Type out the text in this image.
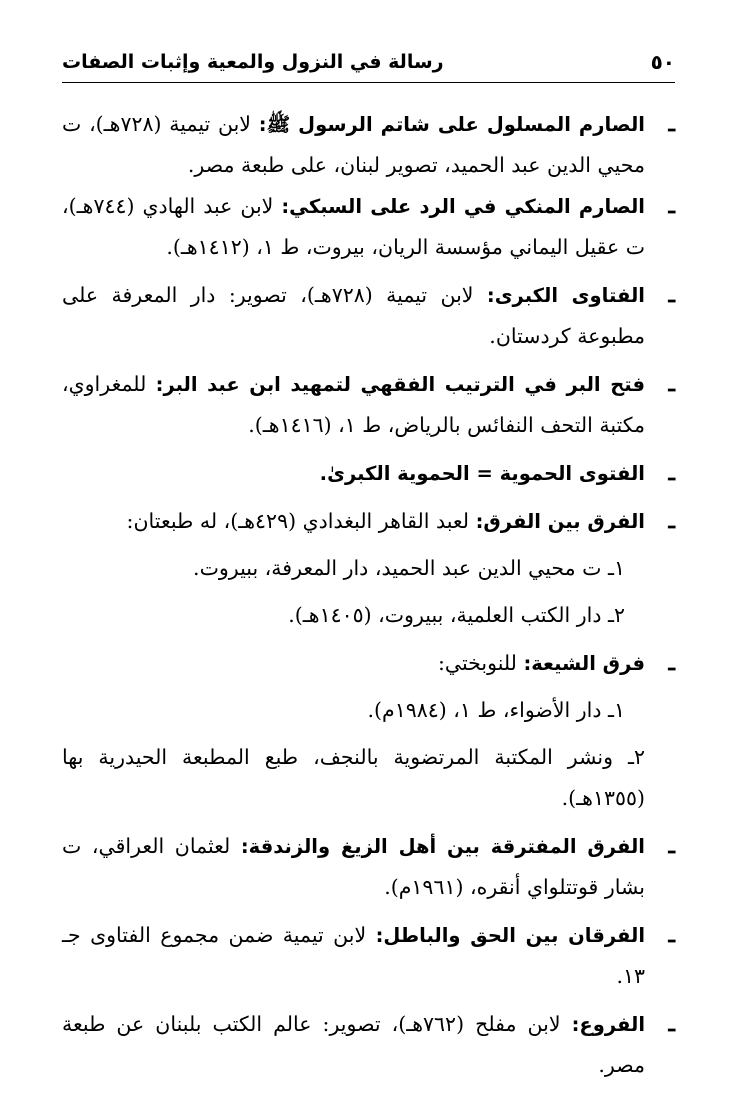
٥٠
رسالة في النزول والمعية وإثبات الصفات
ـ
الصارم المسلول على شاتم الرسول ﷺ: لابن تيمية (٧٢٨هـ)، ت محيي الدين عبد الحميد، تصوير لبنان، على طبعة مصر.
ـ
الصارم المنكي في الرد على السبكي: لابن عبد الهادي (٧٤٤هـ)، ت عقيل اليماني مؤسسة الريان، بيروت، ط ١، (١٤١٢هـ).
ـ
الفتاوى الكبرى: لابن تيمية (٧٢٨هـ)، تصوير: دار المعرفة على مطبوعة كردستان.
ـ
فتح البر في الترتيب الفقهي لتمهيد ابن عبد البر: للمغراوي، مكتبة التحف النفائس بالرياض، ط ١، (١٤١٦هـ).
ـ
الفتوى الحموية = الحموية الكبرىٰ.
ـ
الفرق بين الفرق: لعبد القاهر البغدادي (٤٢٩هـ)، له طبعتان:
١ـ ت محيي الدين عبد الحميد، دار المعرفة، ببيروت.
٢ـ دار الكتب العلمية، ببيروت، (١٤٠٥هـ).
ـ
فرق الشيعة: للنوبختي:
١ـ دار الأضواء، ط ١، (١٩٨٤م).
٢ـ ونشر المكتبة المرتضوية بالنجف، طبع المطبعة الحيدرية بها (١٣٥٥هـ).
ـ
الفرق المفترقة بين أهل الزيغ والزندقة: لعثمان العراقي، ت بشار قوتتلواي أنقره، (١٩٦١م).
ـ
الفرقان بين الحق والباطل: لابن تيمية ضمن مجموع الفتاوى جـ ١٣.
ـ
الفروع: لابن مفلح (٧٦٢هـ)، تصوير: عالم الكتب بلبنان عن طبعة مصر.
